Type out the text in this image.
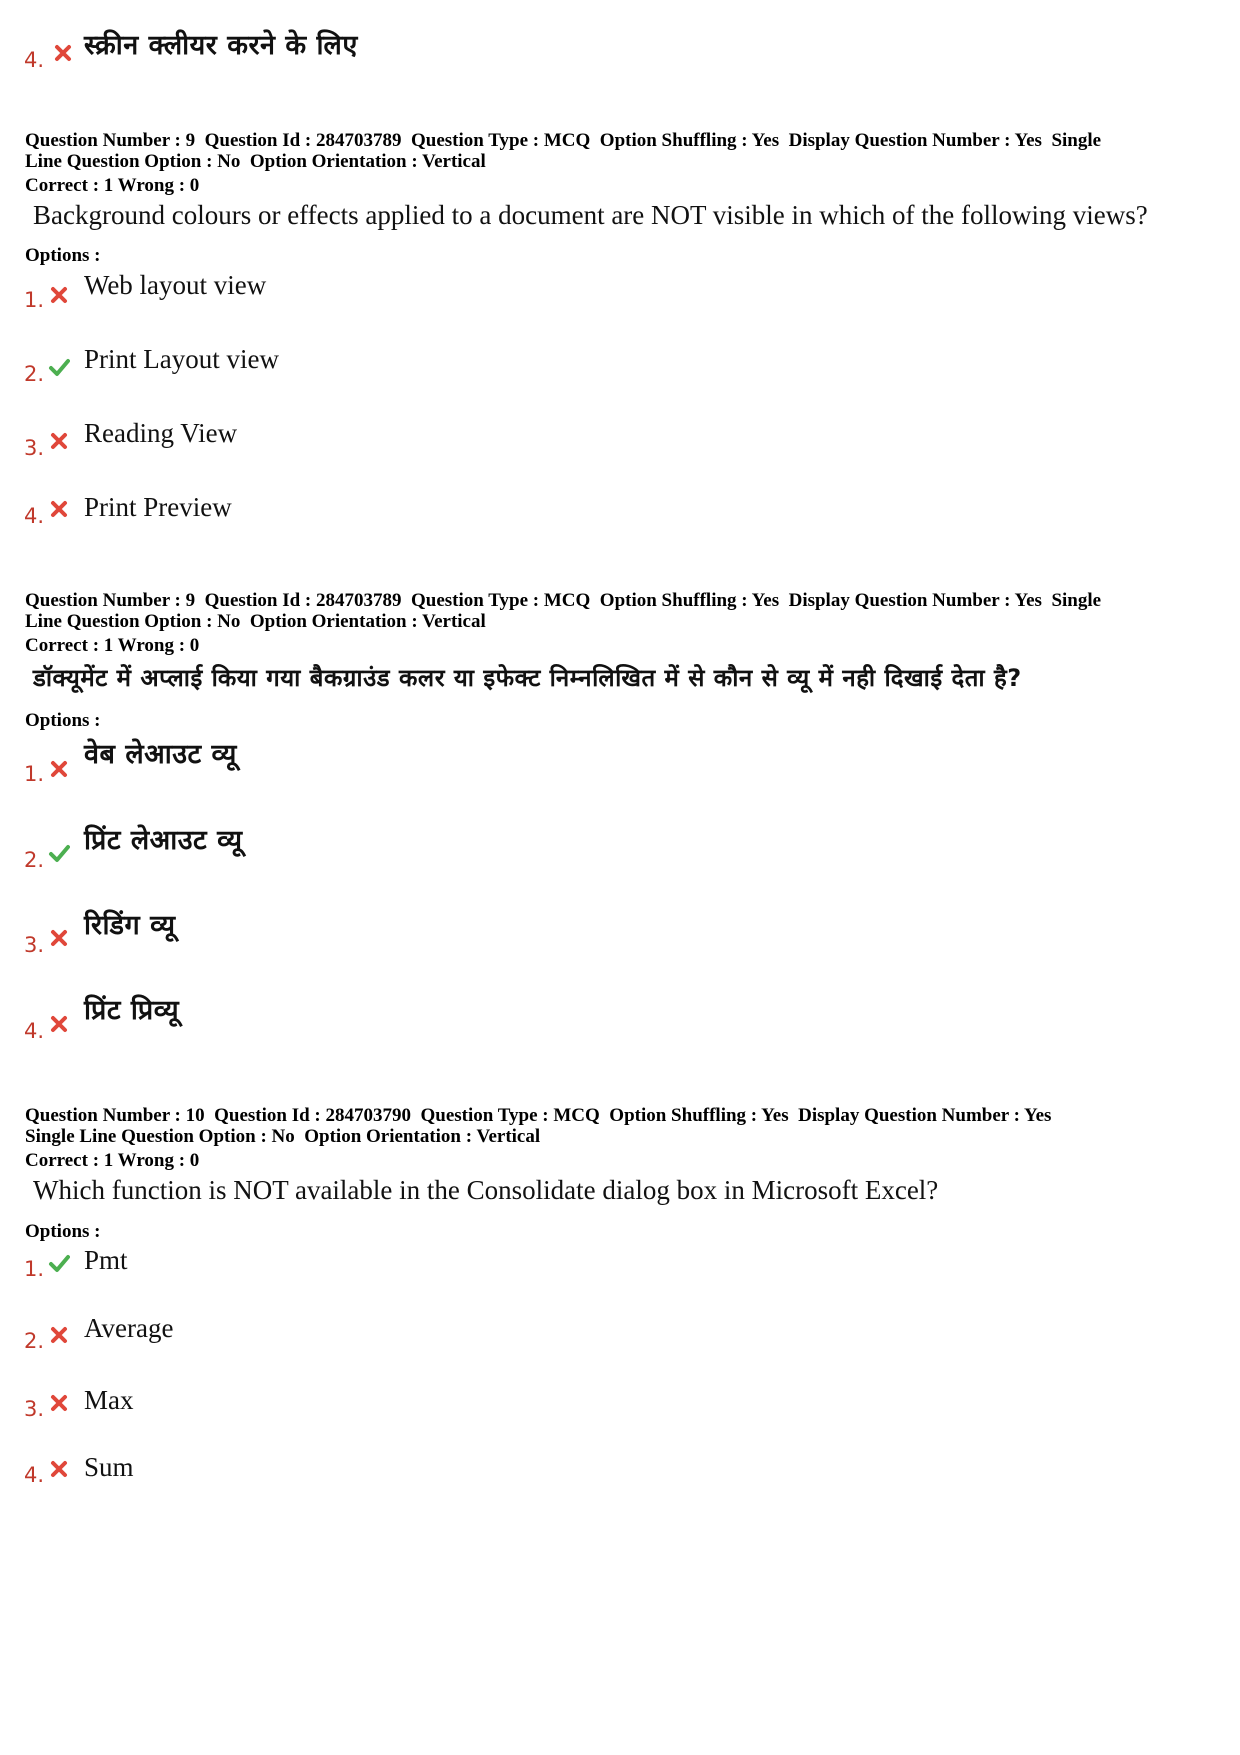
4. स्क्रीन क्लीयर करने के लिए
Question Number : 9  Question Id : 284703789  Question Type : MCQ  Option Shuffling : Yes  Display Question Number : Yes  Single
Line Question Option : No  Option Orientation : Vertical
Correct : 1 Wrong : 0
Background colours or effects applied to a document are NOT visible in which of the following views?
Options :
1. Web layout view
2. Print Layout view
3. Reading View
4. Print Preview
Question Number : 9  Question Id : 284703789  Question Type : MCQ  Option Shuffling : Yes  Display Question Number : Yes  Single
Line Question Option : No  Option Orientation : Vertical
Correct : 1 Wrong : 0
डॉक्यूमेंट में अप्लाई किया गया बैकग्राउंड कलर या इफेक्ट निम्नलिखित में से कौन से व्यू में नही दिखाई देता है?
Options :
1.
वेब लेआउट व्यू
2.
प्रिंट लेआउट व्यू
3.
रिडिंग व्यू
4.
प्रिंट प्रिव्यू
Question Number : 10  Question Id : 284703790  Question Type : MCQ  Option Shuffling : Yes  Display Question Number : Yes
Single Line Question Option : No  Option Orientation : Vertical
Correct : 1 Wrong : 0
Which function is NOT available in the Consolidate dialog box in Microsoft Excel?
Options :
1. Pmt
2. Average
3. Max
4. Sum
